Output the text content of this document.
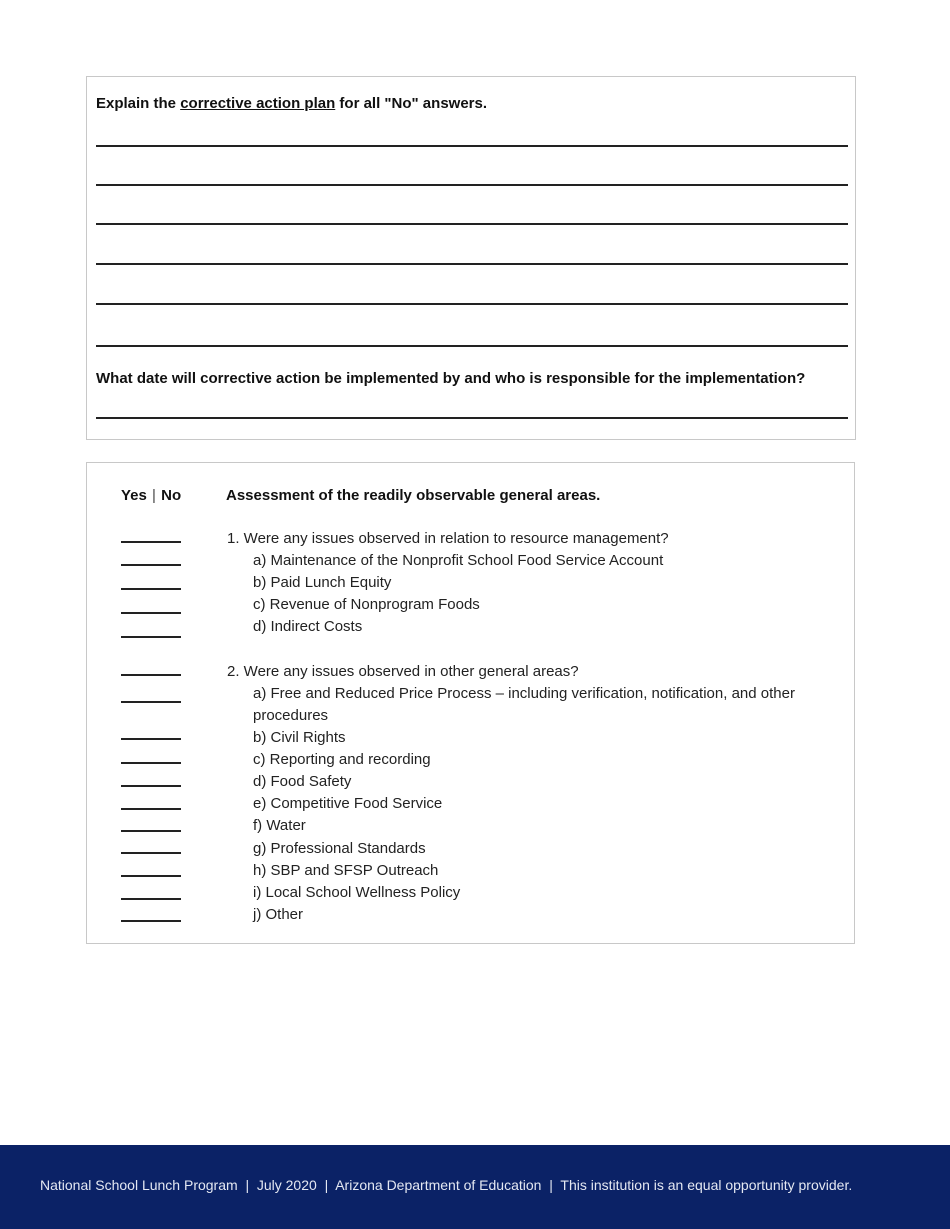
Explain the corrective action plan for all "No" answers.
What date will corrective action be implemented by and who is responsible for the implementation?
Yes | No	Assessment of the readily observable general areas.
1. Were any issues observed in relation to resource management?
a) Maintenance of the Nonprofit School Food Service Account
b) Paid Lunch Equity
c) Revenue of Nonprogram Foods
d) Indirect Costs
2. Were any issues observed in other general areas?
a) Free and Reduced Price Process – including verification, notification, and other procedures
b) Civil Rights
c) Reporting and recording
d) Food Safety
e) Competitive Food Service
f) Water
g) Professional Standards
h) SBP and SFSP Outreach
i) Local School Wellness Policy
j) Other
National School Lunch Program  |  July 2020  |  Arizona Department of Education  |  This institution is an equal opportunity provider.
